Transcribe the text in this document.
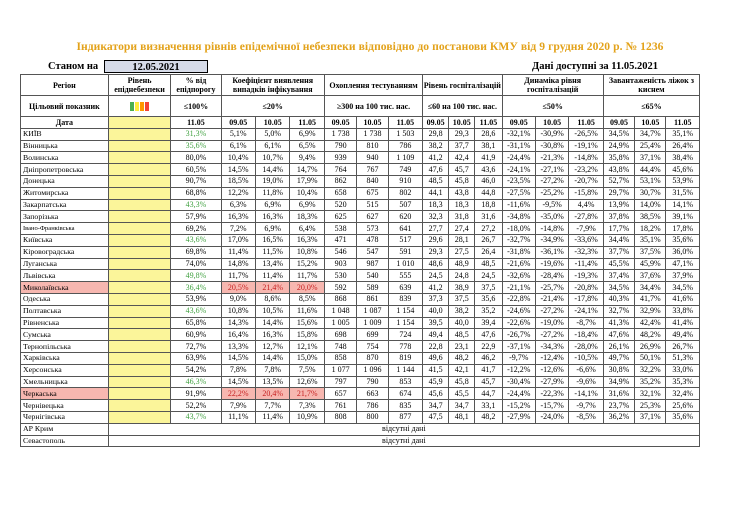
Індикатори визначення рівнів епідемічної небезпеки відповідно до постанови КМУ від 9 грудня 2020 р. № 1236
Станом на	12.05.2021	Дані доступні за 11.05.2021
Регіон	Рівень епіднебезпеки	% від епідпорогу	Коефіцієнт виявлення випадків інфікування			Охоплення тестуванням			Рівень госпіталізацій			Динаміка рівня госпіталізацій			Завантаженість ліжок з киснем		
Цільовий показник		≤100%	≤20%			≥300 на 100 тис. нас.			≤60 на 100 тис. нас.			≤50%			≤65%		
Дата		11.05	09.05	10.05	11.05	09.05	10.05	11.05	09.05	10.05	11.05	09.05	10.05	11.05	09.05	10.05	11.05
КИЇВ		31,3%	5,1%	5,0%	6,9%	1 738	1 738	1 503	29,8	29,3	28,6	-32,1%	-30,9%	-26,5%	34,5%	34,7%	35,1%
Вінницька		35,6%	6,1%	6,1%	6,5%	790	810	786	38,2	37,7	38,1	-31,1%	-30,8%	-19,1%	24,9%	25,4%	26,4%
Волинська		80,0%	10,4%	10,7%	9,4%	939	940	1 109	41,2	42,4	41,9	-24,4%	-21,3%	-14,8%	35,8%	37,1%	38,4%
Дніпропетровська		60,5%	14,5%	14,4%	14,7%	764	767	749	47,6	45,7	43,6	-24,1%	-27,1%	-23,2%	43,8%	44,4%	45,6%
Донецька		90,7%	18,5%	19,0%	17,9%	862	840	910	48,5	45,8	46,0	-23,5%	-27,2%	-20,7%	52,7%	53,1%	53,9%
Житомирська		68,8%	12,2%	11,8%	10,4%	658	675	802	44,1	43,8	44,8	-27,5%	-25,2%	-15,8%	29,7%	30,7%	31,5%
Закарпатська		43,3%	6,3%	6,9%	6,9%	520	515	507	18,3	18,3	18,8	-11,6%	-9,5%	4,4%	13,9%	14,0%	14,1%
Запорізька		57,9%	16,3%	16,3%	18,3%	625	627	620	32,3	31,8	31,6	-34,8%	-35,0%	-27,8%	37,8%	38,5%	39,1%
Івано-Франківська		69,2%	7,2%	6,9%	6,4%	538	573	641	27,7	27,4	27,2	-18,0%	-14,8%	-7,9%	17,7%	18,2%	17,8%
Київська		43,6%	17,0%	16,5%	16,3%	471	478	517	29,6	28,1	26,7	-32,7%	-34,9%	-33,6%	34,4%	35,1%	35,6%
Кіровоградська		69,8%	11,4%	11,5%	10,8%	546	547	591	29,3	27,5	26,4	-31,8%	-36,1%	-32,3%	37,7%	37,5%	36,0%
Луганська		74,0%	14,8%	13,4%	15,2%	903	987	1 010	48,6	48,9	48,5	-21,6%	-19,6%	-11,4%	45,5%	45,9%	47,1%
Львівська		49,8%	11,7%	11,4%	11,7%	530	540	555	24,5	24,8	24,5	-32,6%	-28,4%	-19,3%	37,4%	37,6%	37,9%
Миколаївська		36,4%	20,5%	21,4%	20,0%	592	589	639	41,2	38,9	37,5	-21,1%	-25,7%	-20,8%	34,5%	34,4%	34,5%
Одеська		53,9%	9,0%	8,6%	8,5%	868	861	839	37,3	37,5	35,6	-22,8%	-21,4%	-17,8%	40,3%	41,7%	41,6%
Полтавська		43,6%	10,8%	10,5%	11,6%	1 048	1 087	1 154	40,0	38,2	35,2	-24,6%	-27,2%	-24,1%	32,7%	32,9%	33,8%
Рівненська		65,8%	14,3%	14,4%	15,6%	1 005	1 009	1 154	39,5	40,0	39,4	-22,6%	-19,0%	-8,7%	41,3%	42,4%	41,4%
Сумська		60,9%	16,4%	16,3%	15,8%	698	699	724	49,4	48,5	47,6	-26,7%	-27,2%	-18,4%	47,6%	48,2%	49,4%
Тернопільська		72,7%	13,3%	12,7%	12,1%	748	754	778	22,8	23,1	22,9	-37,1%	-34,3%	-28,0%	26,1%	26,9%	26,7%
Харківська		63,9%	14,5%	14,4%	15,0%	858	870	819	49,6	48,2	46,2	-9,7%	-12,4%	-10,5%	49,7%	50,1%	51,3%
Херсонська		54,2%	7,8%	7,8%	7,5%	1 077	1 096	1 144	41,5	42,1	41,7	-12,2%	-12,6%	-6,6%	30,8%	32,2%	33,0%
Хмельницька		46,3%	14,5%	13,5%	12,6%	797	790	853	45,9	45,8	45,7	-30,4%	-27,9%	-9,6%	34,9%	35,2%	35,3%
Черкаська		91,9%	22,2%	20,4%	21,7%	657	663	674	45,6	45,5	44,7	-24,4%	-22,3%	-14,1%	31,6%	32,1%	32,4%
Чернівецька		52,2%	7,9%	7,7%	7,3%	761	786	835	34,7	34,7	33,1	-15,2%	-15,7%	-9,7%	23,7%	25,3%	25,6%
Чернігівська		43,7%	11,1%	11,4%	10,9%	808	800	877	47,5	48,1	48,2	-27,9%	-24,0%	-8,5%	36,2%	37,1%	35,6%
АР Крим	відсутні дані																
Севастополь	відсутні дані																
